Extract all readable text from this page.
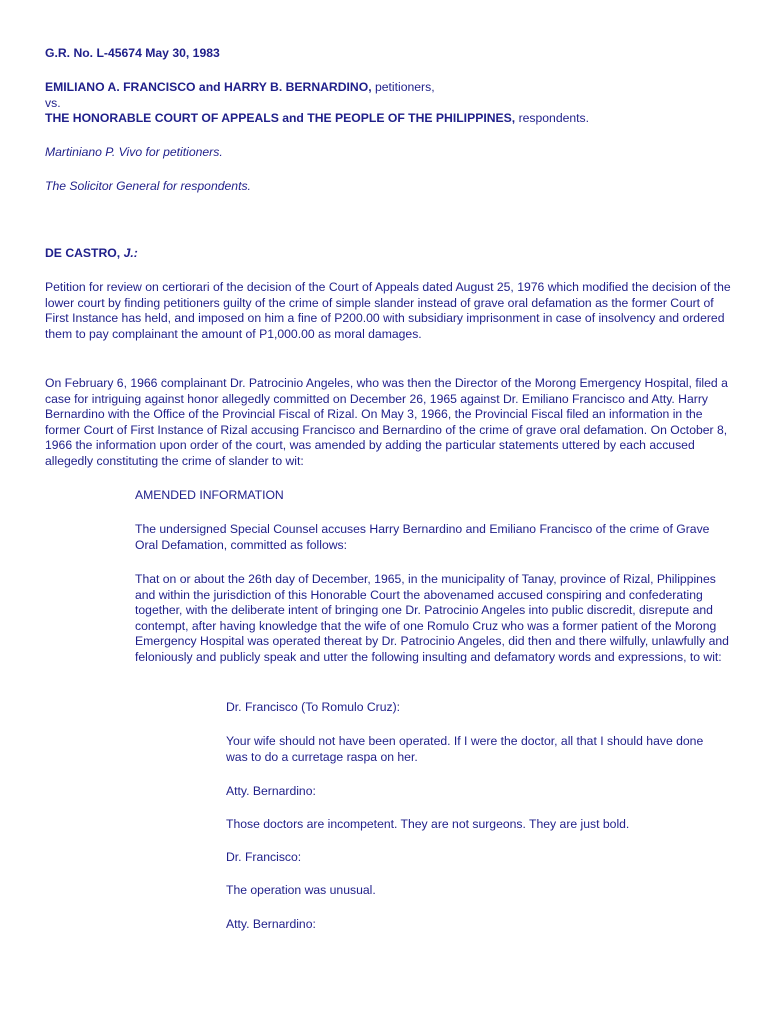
G.R. No. L-45674 May 30, 1983

EMILIANO A. FRANCISCO and HARRY B. BERNARDINO, petitioners,

vs.

THE HONORABLE COURT OF APPEALS and THE PEOPLE OF THE PHILIPPINES, respondents.

Martiniano P. Vivo for petitioners.

The Solicitor General for respondents.

DE CASTRO, J.:

Petition for review on certiorari of the decision of the Court of Appeals dated August 25, 1976 which modified the decision of the lower court by finding petitioners guilty of the crime of simple slander instead of grave oral defamation as the former Court of First Instance has held, and imposed on him a fine of P200.00 with subsidiary imprisonment in case of insolvency and ordered them to pay complainant the amount of P1,000.00 as moral damages.

On February 6, 1966 complainant Dr. Patrocinio Angeles, who was then the Director of the Morong Emergency Hospital, filed a case for intriguing against honor allegedly committed on December 26, 1965 against Dr. Emiliano Francisco and Atty. Harry Bernardino with the Office of the Provincial Fiscal of Rizal. On May 3, 1966, the Provincial Fiscal filed an information in the former Court of First Instance of Rizal accusing Francisco and Bernardino of the crime of grave oral defamation. On October 8, 1966 the information upon order of the court, was amended by adding the particular statements uttered by each accused allegedly constituting the crime of slander to wit:

AMENDED INFORMATION

The undersigned Special Counsel accuses Harry Bernardino and Emiliano Francisco of the crime of Grave Oral Defamation, committed as follows:

That on or about the 26th day of December, 1965, in the municipality of Tanay, province of Rizal, Philippines and within the jurisdiction of this Honorable Court the abovenamed accused conspiring and confederating together, with the deliberate intent of bringing one Dr. Patrocinio Angeles into public discredit, disrepute and contempt, after having knowledge that the wife of one Romulo Cruz who was a former patient of the Morong Emergency Hospital was operated thereat by Dr. Patrocinio Angeles, did then and there wilfully, unlawfully and feloniously and publicly speak and utter the following insulting and defamatory words and expressions, to wit:

Dr. Francisco (To Romulo Cruz):

Your wife should not have been operated. If I were the doctor, all that I should have done was to do a curretage raspa on her.

Atty. Bernardino:

Those doctors are incompetent. They are not surgeons. They are just bold.

Dr. Francisco:

The operation was unusual.

Atty. Bernardino:
